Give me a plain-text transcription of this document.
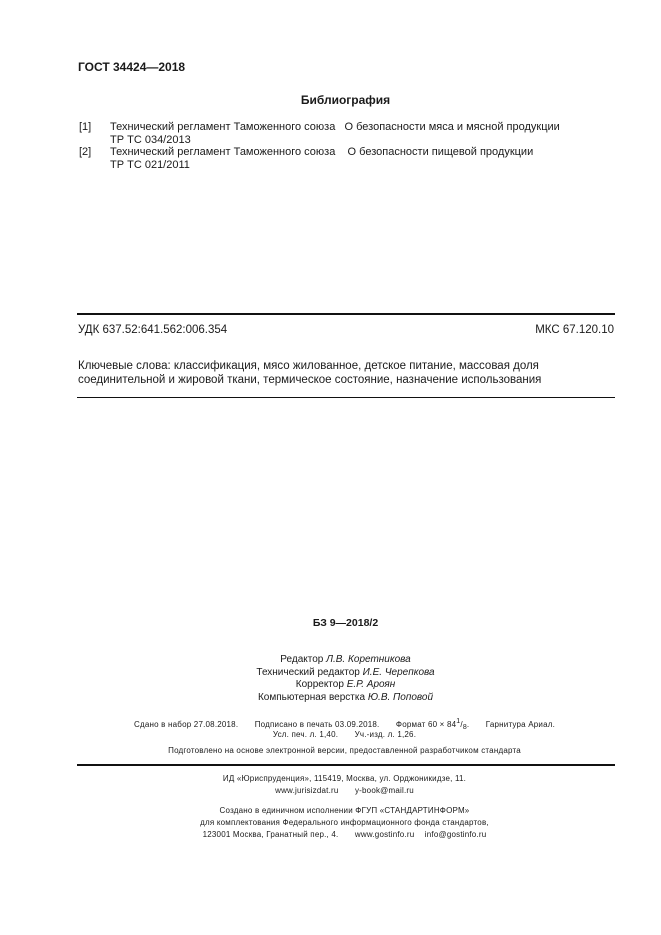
ГОСТ 34424—2018
Библиография
[1] Технический регламент Таможенного союза   О безопасности мяса и мясной продукции
ТР ТС 034/2013
[2] Технический регламент Таможенного союза    О безопасности пищевой продукции
ТР ТС 021/2011
УДК 637.52:641.562:006.354	МКС 67.120.10
Ключевые слова: классификация, мясо жилованное, детское питание, массовая доля соединительной и жировой ткани, термическое состояние, назначение использования
БЗ 9—2018/2
Редактор Л.В. Коретникова
Технический редактор И.Е. Черепкова
Корректор Е.Р. Ароян
Компьютерная верстка Ю.В. Поповой
Сдано в набор 27.08.2018. Подписано в печать 03.09.2018. Формат $60 \times 84^1/_8$. Гарнитура Ариал.
Усл. печ. л. 1,40. Уч.-изд. л. 1,26.
Подготовлено на основе электронной версии, предоставленной разработчиком стандарта
ИД «Юриспруденция», 115419, Москва, ул. Орджоникидзе, 11.
www.jurisizdat.ru y-book@mail.ru
Создано в единичном исполнении ФГУП «СТАНДАРТИНФОРМ»
для комплектования Федерального информационного фонда стандартов,
123001 Москва, Гранатный пер., 4. www.gostinfo.ru info@gostinfo.ru
